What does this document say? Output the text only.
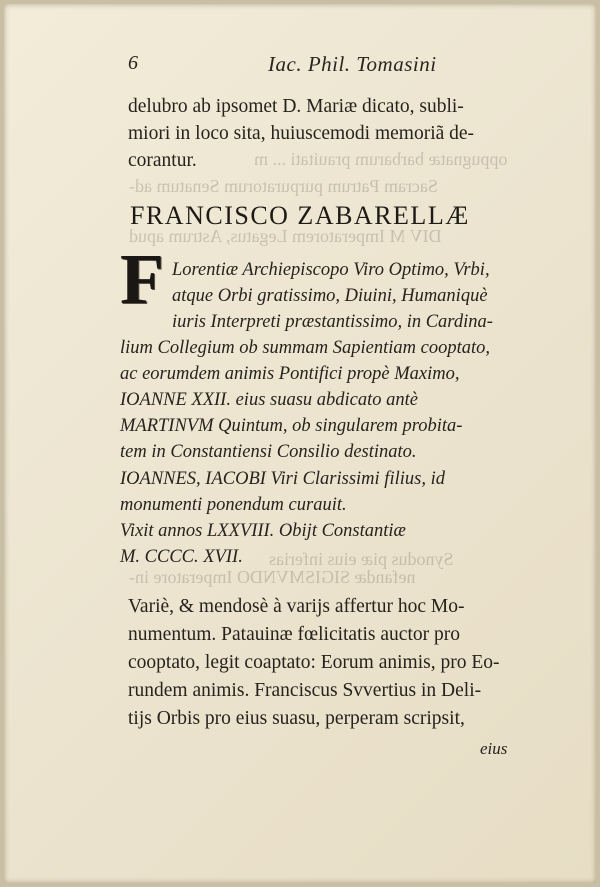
oppugnatæ barbarum prauitati ... m
Sacram Patrum purpuratorum Senatum ad-
DIV M Imperatorem Legatus, Astrum apud
Synodus piæ eius inferias
nefandæ SIGISMVNDO Imperatore in-
6	Iac. Phil. Tomasini
delubro ab ipsomet D. Mariæ dicato, subli-
miori in loco sita, huiuscemodi memoriã de-
corantur.
FRANCISCO ZABARELLÆ
F Lorentiæ Archiepiscopo Viro Optimo, Vrbi,
atque Orbi gratissimo, Diuini, Humaniquè
iuris Interpreti præstantissimo, in Cardina-
lium Collegium ob summam Sapientiam cooptato,
ac eorumdem animis Pontifici propè Maximo,
IOANNE XXII. eius suasu abdicato antè
MARTINVM Quintum, ob singularem probita-
tem in Constantiensi Consilio destinato.
IOANNES, IACOBI Viri Clarissimi filius, id
monumenti ponendum curauit.
Vixit annos LXXVIII. Obijt Constantiæ
M. CCCC. XVII.
Variè, & mendosè à varijs affertur hoc Mo-
numentum. Patauinæ fœlicitatis auctor pro
cooptato, legit coaptato: Eorum animis, pro Eo-
rundem animis. Franciscus Svvertius in Deli-
tijs Orbis pro eius suasu, perperam scripsit,
eius
